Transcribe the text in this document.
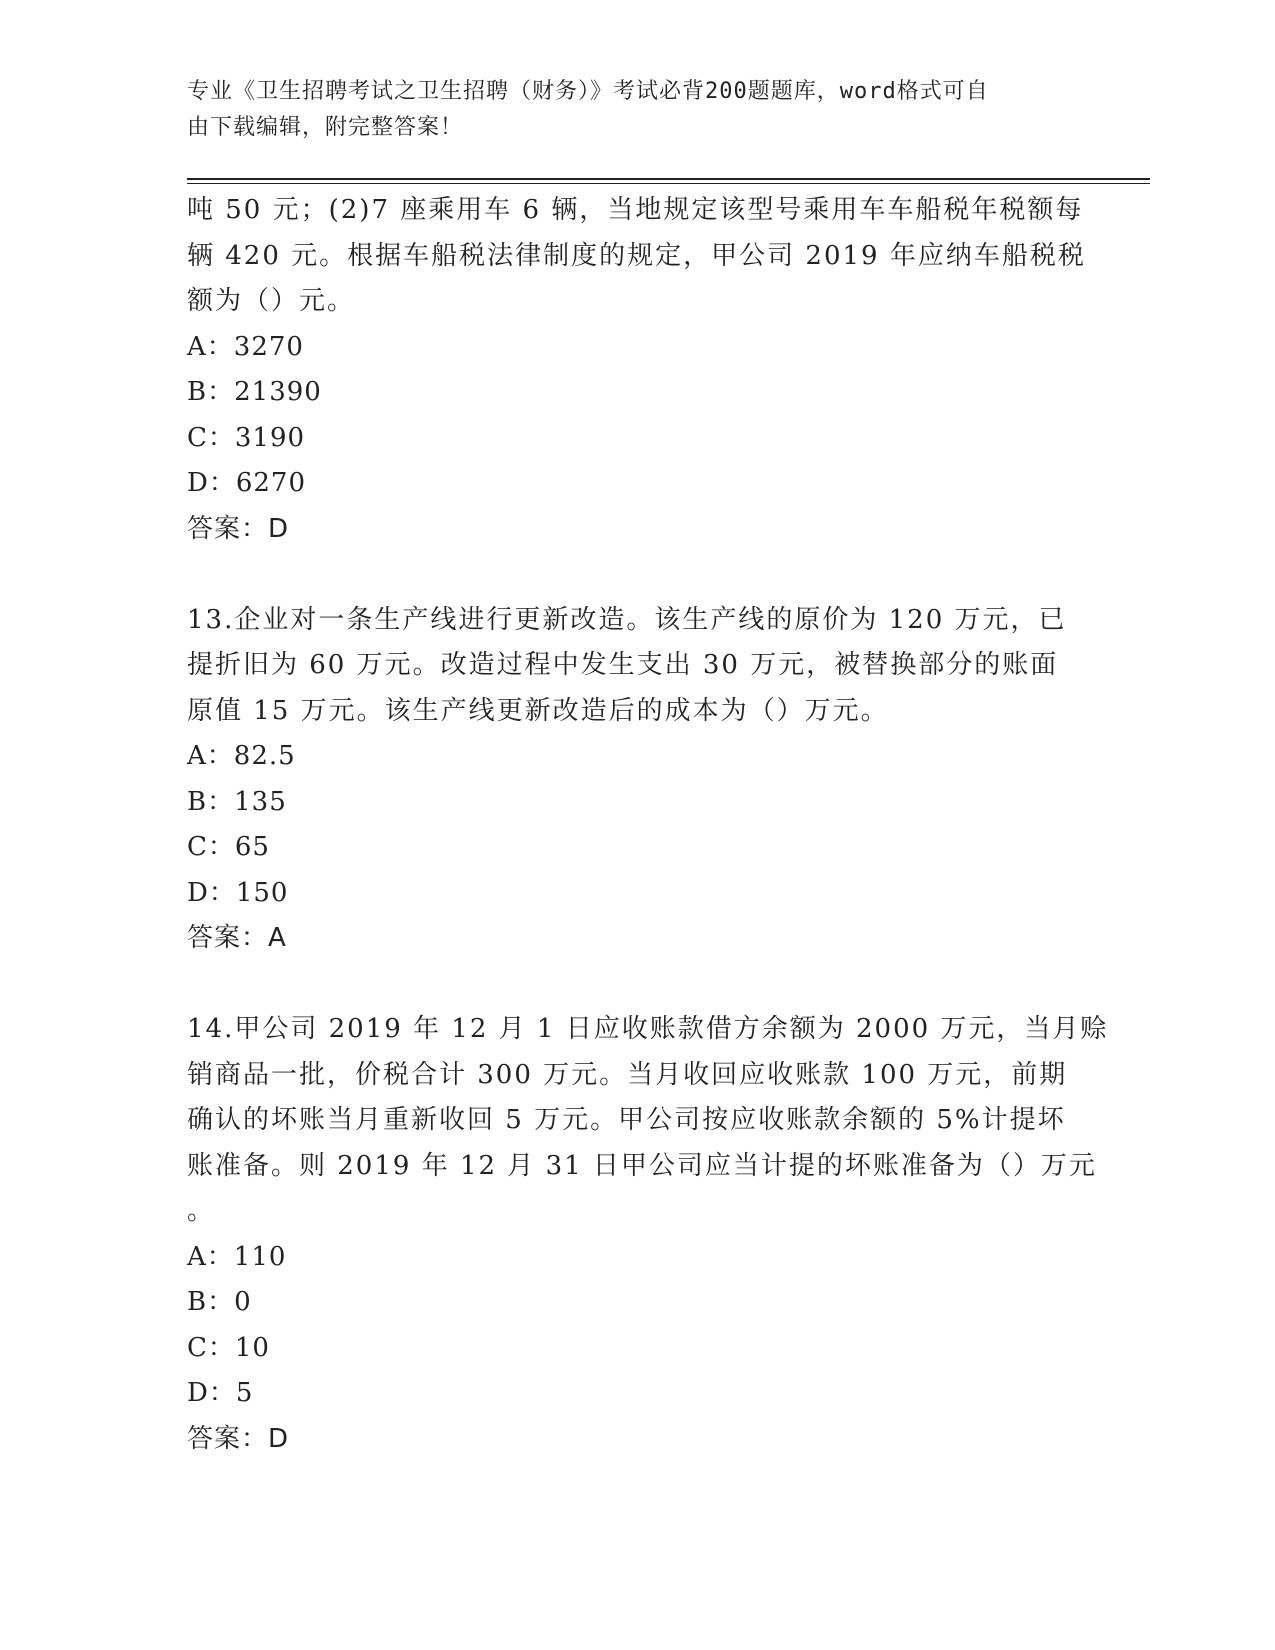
专业《卫生招聘考试之卫生招聘（财务）》考试必背200题题库，word格式可自
由下载编辑，附完整答案！
吨 50 元；(2)7 座乘用车 6 辆，当地规定该型号乘用车车船税年税额每
辆 420 元。根据车船税法律制度的规定，甲公司 2019 年应纳车船税税
额为（）元。
A：3270
B：21390
C：3190
D：6270
答案：D
13.企业对一条生产线进行更新改造。该生产线的原价为 120 万元，已
提折旧为 60 万元。改造过程中发生支出 30 万元，被替换部分的账面
原值 15 万元。该生产线更新改造后的成本为（）万元。
A：82.5
B：135
C：65
D：150
答案：A
14.甲公司 2019 年 12 月 1 日应收账款借方余额为 2000 万元，当月赊
销商品一批，价税合计 300 万元。当月收回应收账款 100 万元，前期
确认的坏账当月重新收回 5 万元。甲公司按应收账款余额的 5%计提坏
账准备。则 2019 年 12 月 31 日甲公司应当计提的坏账准备为（）万元
。
A：110
B：0
C：10
D：5
答案：D
